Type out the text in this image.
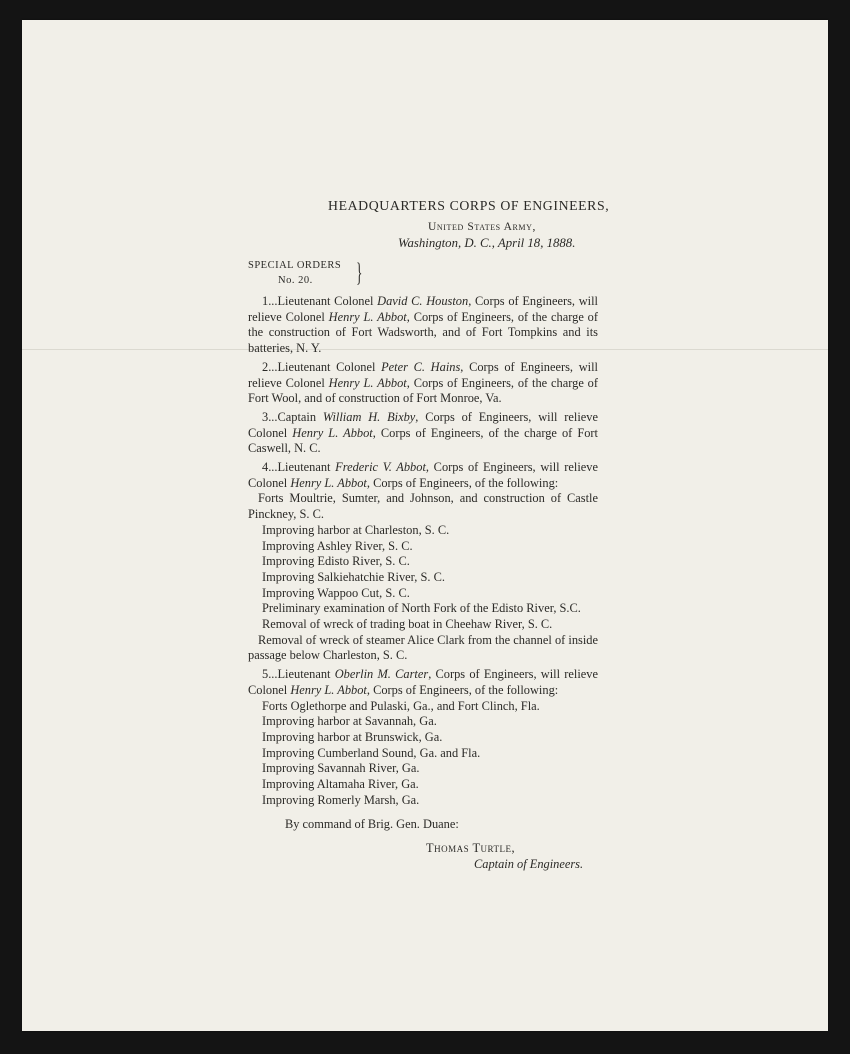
HEADQUARTERS CORPS OF ENGINEERS,
United States Army,
Washington, D. C., April 18, 1888.
SPECIAL ORDERS
No. 20.	}

1...Lieutenant Colonel David C. Houston, Corps of Engineers, will relieve Colonel Henry L. Abbot, Corps of Engineers, of the charge of the construction of Fort Wadsworth, and of Fort Tompkins and its batteries, N. Y.

2...Lieutenant Colonel Peter C. Hains, Corps of Engineers, will relieve Colonel Henry L. Abbot, Corps of Engineers, of the charge of Fort Wool, and of construction of Fort Monroe, Va.

3...Captain William H. Bixby, Corps of Engineers, will relieve Colonel Henry L. Abbot, Corps of Engineers, of the charge of Fort Caswell, N. C.

4...Lieutenant Frederic V. Abbot, Corps of Engineers, will relieve Colonel Henry L. Abbot, Corps of Engineers, of the following:

Forts Moultrie, Sumter, and Johnson, and construction of Castle Pinckney, S. C.

Improving harbor at Charleston, S. C.

Improving Ashley River, S. C.

Improving Edisto River, S. C.

Improving Salkiehatchie River, S. C.

Improving Wappoo Cut, S. C.

Preliminary examination of North Fork of the Edisto River, S.C.

Removal of wreck of trading boat in Cheehaw River, S. C.

Removal of wreck of steamer Alice Clark from the channel of inside passage below Charleston, S. C.

5...Lieutenant Oberlin M. Carter, Corps of Engineers, will relieve Colonel Henry L. Abbot, Corps of Engineers, of the following:

Forts Oglethorpe and Pulaski, Ga., and Fort Clinch, Fla.

Improving harbor at Savannah, Ga.

Improving harbor at Brunswick, Ga.

Improving Cumberland Sound, Ga. and Fla.

Improving Savannah River, Ga.

Improving Altamaha River, Ga.

Improving Romerly Marsh, Ga.

By command of Brig. Gen. Duane:
Thomas Turtle,
Captain of Engineers.
